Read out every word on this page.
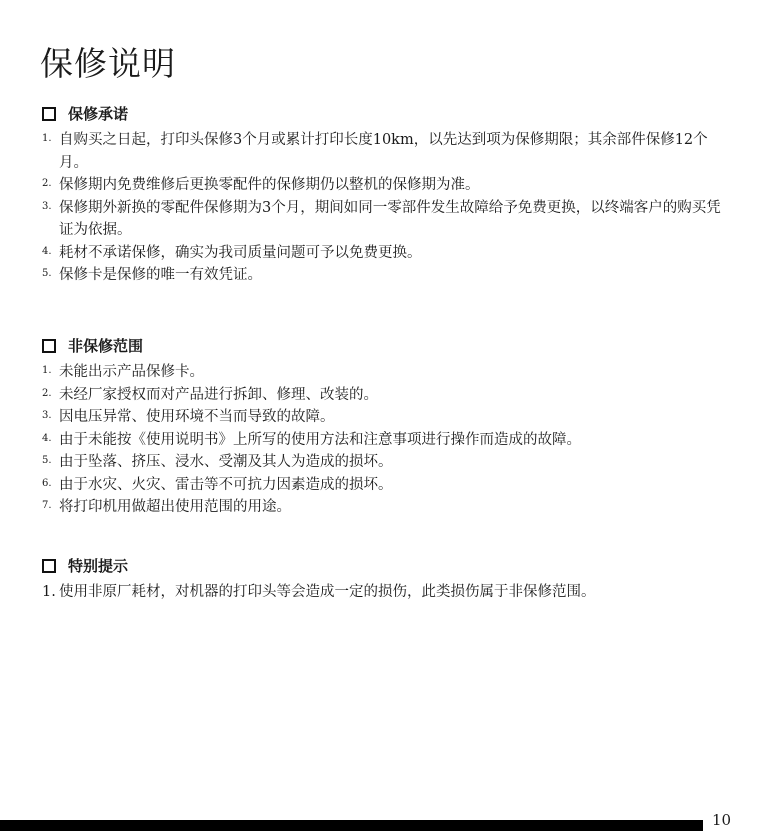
保修说明
保修承诺
1. 自购买之日起，打印头保修3个月或累计打印长度10km，以先达到项为保修期限；其余部件保修12个月。
2. 保修期内免费维修后更换零配件的保修期仍以整机的保修期为准。
3. 保修期外新换的零配件保修期为3个月，期间如同一零部件发生故障给予免费更换，以终端客户的购买凭证为依据。
4. 耗材不承诺保修，确实为我司质量问题可予以免费更换。
5. 保修卡是保修的唯一有效凭证。
非保修范围
1. 未能出示产品保修卡。
2. 未经厂家授权而对产品进行拆卸、修理、改装的。
3. 因电压异常、使用环境不当而导致的故障。
4. 由于未能按《使用说明书》上所写的使用方法和注意事项进行操作而造成的故障。
5. 由于坠落、挤压、浸水、受潮及其人为造成的损坏。
6. 由于水灾、火灾、雷击等不可抗力因素造成的损坏。
7. 将打印机用做超出使用范围的用途。
特别提示
1. 使用非原厂耗材，对机器的打印头等会造成一定的损伤，此类损伤属于非保修范围。
10
